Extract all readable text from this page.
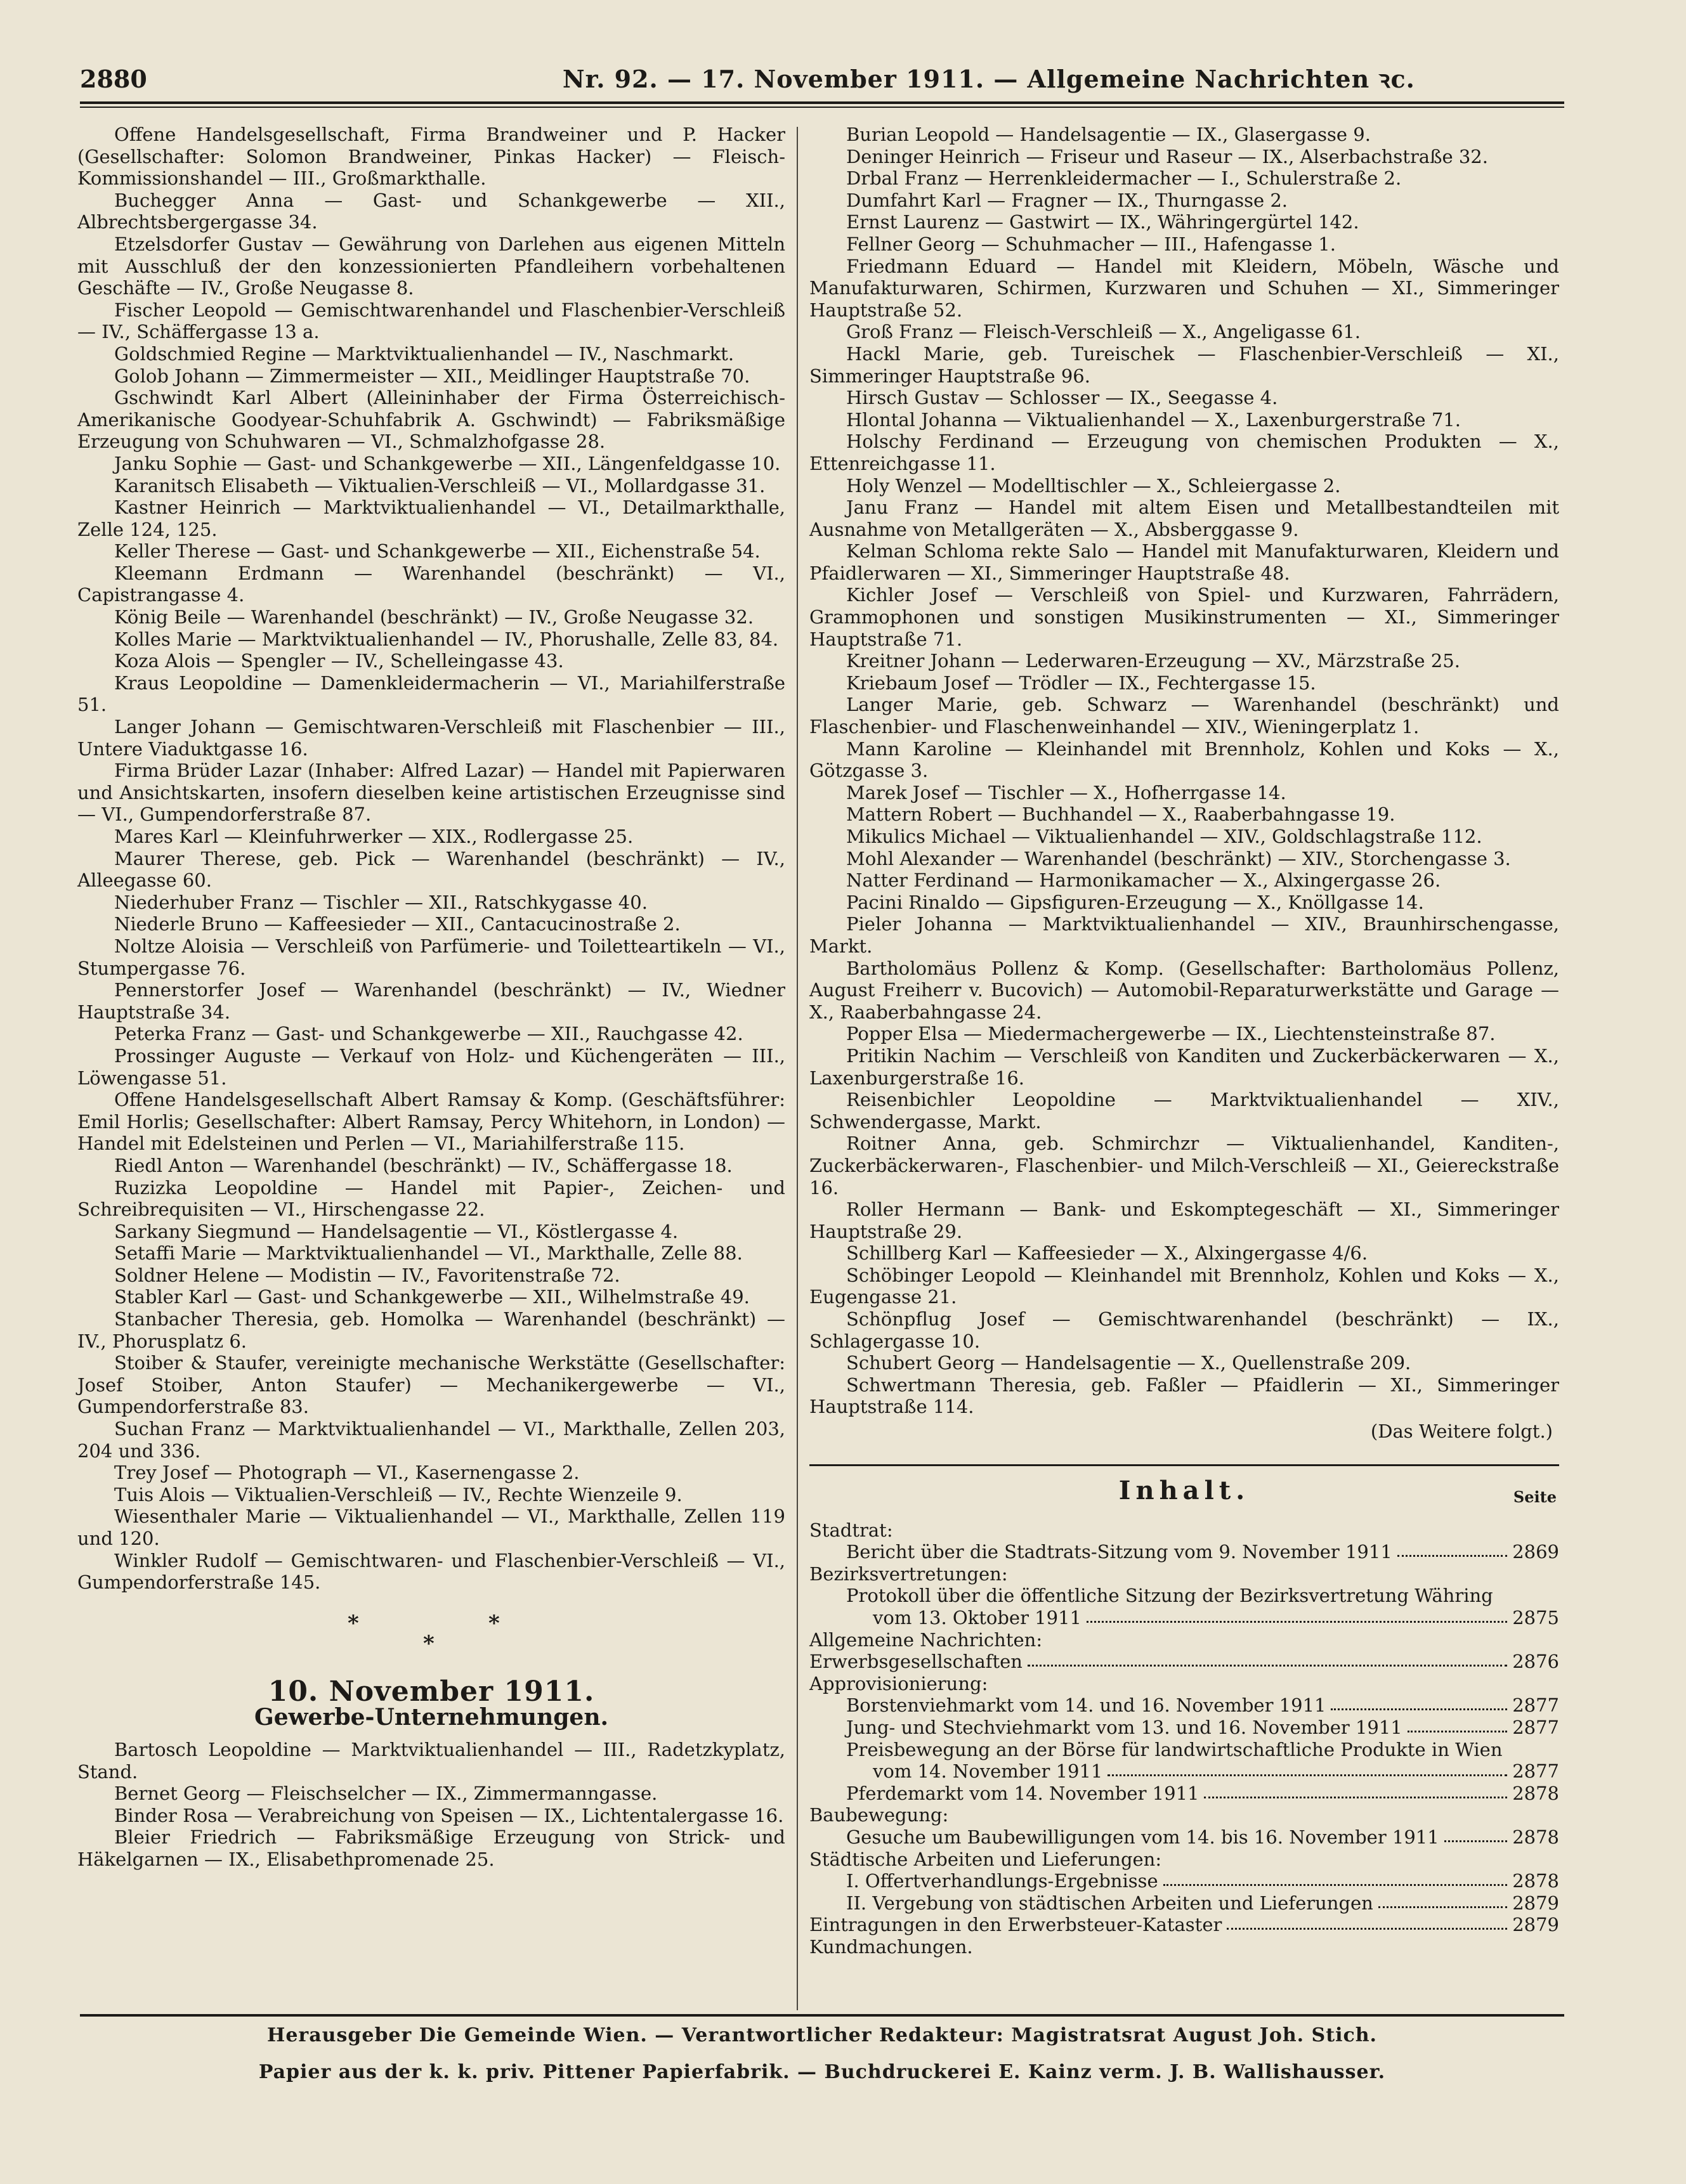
2880	Nr. 92. — 17. November 1911. — Allgemeine Nachrichten ꝛc.

Offene Handelsgesellschaft, Firma Brandweiner und P. Hacker (Gesellschafter: Solomon Brandweiner, Pinkas Hacker) — Fleisch-Kommissionshandel — III., Großmarkthalle.

Buchegger Anna — Gast- und Schankgewerbe — XII., Albrechtsbergergasse 34.

Etzelsdorfer Gustav — Gewährung von Darlehen aus eigenen Mitteln mit Ausschluß der den konzessionierten Pfandleihern vorbehaltenen Geschäfte — IV., Große Neugasse 8.

Fischer Leopold — Gemischtwarenhandel und Flaschenbier-Verschleiß — IV., Schäffergasse 13 a.

Goldschmied Regine — Marktviktualienhandel — IV., Naschmarkt.

Golob Johann — Zimmermeister — XII., Meidlinger Hauptstraße 70.

Gschwindt Karl Albert (Alleininhaber der Firma Österreichisch-Amerikanische Goodyear-Schuhfabrik A. Gschwindt) — Fabriksmäßige Erzeugung von Schuhwaren — VI., Schmalzhofgasse 28.

Janku Sophie — Gast- und Schankgewerbe — XII., Längenfeldgasse 10.

Karanitsch Elisabeth — Viktualien-Verschleiß — VI., Mollardgasse 31.

Kastner Heinrich — Marktviktualienhandel — VI., Detailmarkthalle, Zelle 124, 125.

Keller Therese — Gast- und Schankgewerbe — XII., Eichenstraße 54.

Kleemann Erdmann — Warenhandel (beschränkt) — VI., Capistrangasse 4.

König Beile — Warenhandel (beschränkt) — IV., Große Neugasse 32.

Kolles Marie — Marktviktualienhandel — IV., Phorushalle, Zelle 83, 84.

Koza Alois — Spengler — IV., Schelleingasse 43.

Kraus Leopoldine — Damenkleidermacherin — VI., Mariahilferstraße 51.

Langer Johann — Gemischtwaren-Verschleiß mit Flaschenbier — III., Untere Viaduktgasse 16.

Firma Brüder Lazar (Inhaber: Alfred Lazar) — Handel mit Papierwaren und Ansichtskarten, insofern dieselben keine artistischen Erzeugnisse sind — VI., Gumpendorferstraße 87.

Mares Karl — Kleinfuhrwerker — XIX., Rodlergasse 25.

Maurer Therese, geb. Pick — Warenhandel (beschränkt) — IV., Alleegasse 60.

Niederhuber Franz — Tischler — XII., Ratschkygasse 40.

Niederle Bruno — Kaffeesieder — XII., Cantacucinostraße 2.

Noltze Aloisia — Verschleiß von Parfümerie- und Toiletteartikeln — VI., Stumpergasse 76.

Pennerstorfer Josef — Warenhandel (beschränkt) — IV., Wiedner Hauptstraße 34.

Peterka Franz — Gast- und Schankgewerbe — XII., Rauchgasse 42.

Prossinger Auguste — Verkauf von Holz- und Küchengeräten — III., Löwengasse 51.

Offene Handelsgesellschaft Albert Ramsay & Komp. (Geschäftsführer: Emil Horlis; Gesellschafter: Albert Ramsay, Percy Whitehorn, in London) — Handel mit Edelsteinen und Perlen — VI., Mariahilferstraße 115.

Riedl Anton — Warenhandel (beschränkt) — IV., Schäffergasse 18.

Ruzizka Leopoldine — Handel mit Papier-, Zeichen- und Schreibrequisiten — VI., Hirschengasse 22.

Sarkany Siegmund — Handelsagentie — VI., Köstlergasse 4.

Setaffi Marie — Marktviktualienhandel — VI., Markthalle, Zelle 88.

Soldner Helene — Modistin — IV., Favoritenstraße 72.

Stabler Karl — Gast- und Schankgewerbe — XII., Wilhelmstraße 49.

Stanbacher Theresia, geb. Homolka — Warenhandel (beschränkt) — IV., Phorusplatz 6.

Stoiber & Staufer, vereinigte mechanische Werkstätte (Gesellschafter: Josef Stoiber, Anton Staufer) — Mechanikergewerbe — VI., Gumpendorferstraße 83.

Suchan Franz — Marktviktualienhandel — VI., Markthalle, Zellen 203, 204 und 336.

Trey Josef — Photograph — VI., Kasernengasse 2.

Tuis Alois — Viktualien-Verschleiß — IV., Rechte Wienzeile 9.

Wiesenthaler Marie — Viktualienhandel — VI., Markthalle, Zellen 119 und 120.

Winkler Rudolf — Gemischtwaren- und Flaschenbier-Verschleiß — VI., Gumpendorferstraße 145.

*
*
*
10. November 1911.
Gewerbe-Unternehmungen.

Bartosch Leopoldine — Marktviktualienhandel — III., Radetzkyplatz, Stand.

Bernet Georg — Fleischselcher — IX., Zimmermanngasse.

Binder Rosa — Verabreichung von Speisen — IX., Lichtentalergasse 16.

Bleier Friedrich — Fabriksmäßige Erzeugung von Strick- und Häkelgarnen — IX., Elisabethpromenade 25.

Burian Leopold — Handelsagentie — IX., Glasergasse 9.

Deninger Heinrich — Friseur und Raseur — IX., Alserbachstraße 32.

Drbal Franz — Herrenkleidermacher — I., Schulerstraße 2.

Dumfahrt Karl — Fragner — IX., Thurngasse 2.

Ernst Laurenz — Gastwirt — IX., Währingergürtel 142.

Fellner Georg — Schuhmacher — III., Hafengasse 1.

Friedmann Eduard — Handel mit Kleidern, Möbeln, Wäsche und Manufakturwaren, Schirmen, Kurzwaren und Schuhen — XI., Simmeringer Hauptstraße 52.

Groß Franz — Fleisch-Verschleiß — X., Angeligasse 61.

Hackl Marie, geb. Tureischek — Flaschenbier-Verschleiß — XI., Simmeringer Hauptstraße 96.

Hirsch Gustav — Schlosser — IX., Seegasse 4.

Hlontal Johanna — Viktualienhandel — X., Laxenburgerstraße 71.

Holschy Ferdinand — Erzeugung von chemischen Produkten — X., Ettenreichgasse 11.

Holy Wenzel — Modelltischler — X., Schleiergasse 2.

Janu Franz — Handel mit altem Eisen und Metallbestandteilen mit Ausnahme von Metallgeräten — X., Absberggasse 9.

Kelman Schloma rekte Salo — Handel mit Manufakturwaren, Kleidern und Pfaidlerwaren — XI., Simmeringer Hauptstraße 48.

Kichler Josef — Verschleiß von Spiel- und Kurzwaren, Fahrrädern, Grammophonen und sonstigen Musikinstrumenten — XI., Simmeringer Hauptstraße 71.

Kreitner Johann — Lederwaren-Erzeugung — XV., Märzstraße 25.

Kriebaum Josef — Trödler — IX., Fechtergasse 15.

Langer Marie, geb. Schwarz — Warenhandel (beschränkt) und Flaschenbier- und Flaschenweinhandel — XIV., Wieningerplatz 1.

Mann Karoline — Kleinhandel mit Brennholz, Kohlen und Koks — X., Götzgasse 3.

Marek Josef — Tischler — X., Hofherrgasse 14.

Mattern Robert — Buchhandel — X., Raaberbahngasse 19.

Mikulics Michael — Viktualienhandel — XIV., Goldschlagstraße 112.

Mohl Alexander — Warenhandel (beschränkt) — XIV., Storchengasse 3.

Natter Ferdinand — Harmonikamacher — X., Alxingergasse 26.

Pacini Rinaldo — Gipsfiguren-Erzeugung — X., Knöllgasse 14.

Pieler Johanna — Marktviktualienhandel — XIV., Braunhirschengasse, Markt.

Bartholomäus Pollenz & Komp. (Gesellschafter: Bartholomäus Pollenz, August Freiherr v. Bucovich) — Automobil-Reparaturwerkstätte und Garage — X., Raaberbahngasse 24.

Popper Elsa — Miedermachergewerbe — IX., Liechtensteinstraße 87.

Pritikin Nachim — Verschleiß von Kanditen und Zuckerbäckerwaren — X., Laxenburgerstraße 16.

Reisenbichler Leopoldine — Marktviktualienhandel — XIV., Schwendergasse, Markt.

Roitner Anna, geb. Schmirchzr — Viktualienhandel, Kanditen-, Zuckerbäckerwaren-, Flaschenbier- und Milch-Verschleiß — XI., Geiereckstraße 16.

Roller Hermann — Bank- und Eskomptegeschäft — XI., Simmeringer Hauptstraße 29.

Schillberg Karl — Kaffeesieder — X., Alxingergasse 4/6.

Schöbinger Leopold — Kleinhandel mit Brennholz, Kohlen und Koks — X., Eugengasse 21.

Schönpflug Josef — Gemischtwarenhandel (beschränkt) — IX., Schlagergasse 10.

Schubert Georg — Handelsagentie — X., Quellenstraße 209.

Schwertmann Theresia, geb. Faßler — Pfaidlerin — XI., Simmeringer Hauptstraße 114.

(Das Weitere folgt.)
Inhalt.	Seite
Stadtrat:
Bericht über die Stadtrats-Sitzung vom 9. November 1911	2869
Bezirksvertretungen:
Protokoll über die öffentliche Sitzung der Bezirksvertretung Währing
vom 13. Oktober 1911	2875
Allgemeine Nachrichten:
Erwerbsgesellschaften	2876
Approvisionierung:
Borstenviehmarkt vom 14. und 16. November 1911	2877
Jung- und Stechviehmarkt vom 13. und 16. November 1911	2877
Preisbewegung an der Börse für landwirtschaftliche Produkte in Wien
vom 14. November 1911	2877
Pferdemarkt vom 14. November 1911	2878
Baubewegung:
Gesuche um Baubewilligungen vom 14. bis 16. November 1911	2878
Städtische Arbeiten und Lieferungen:
I. Offertverhandlungs-Ergebnisse	2878
II. Vergebung von städtischen Arbeiten und Lieferungen	2879
Eintragungen in den Erwerbsteuer-Kataster	2879
Kundmachungen.
Herausgeber Die Gemeinde Wien. — Verantwortlicher Redakteur: Magistratsrat August Joh. Stich.
Papier aus der k. k. priv. Pittener Papierfabrik. — Buchdruckerei E. Kainz verm. J. B. Wallishausser.
